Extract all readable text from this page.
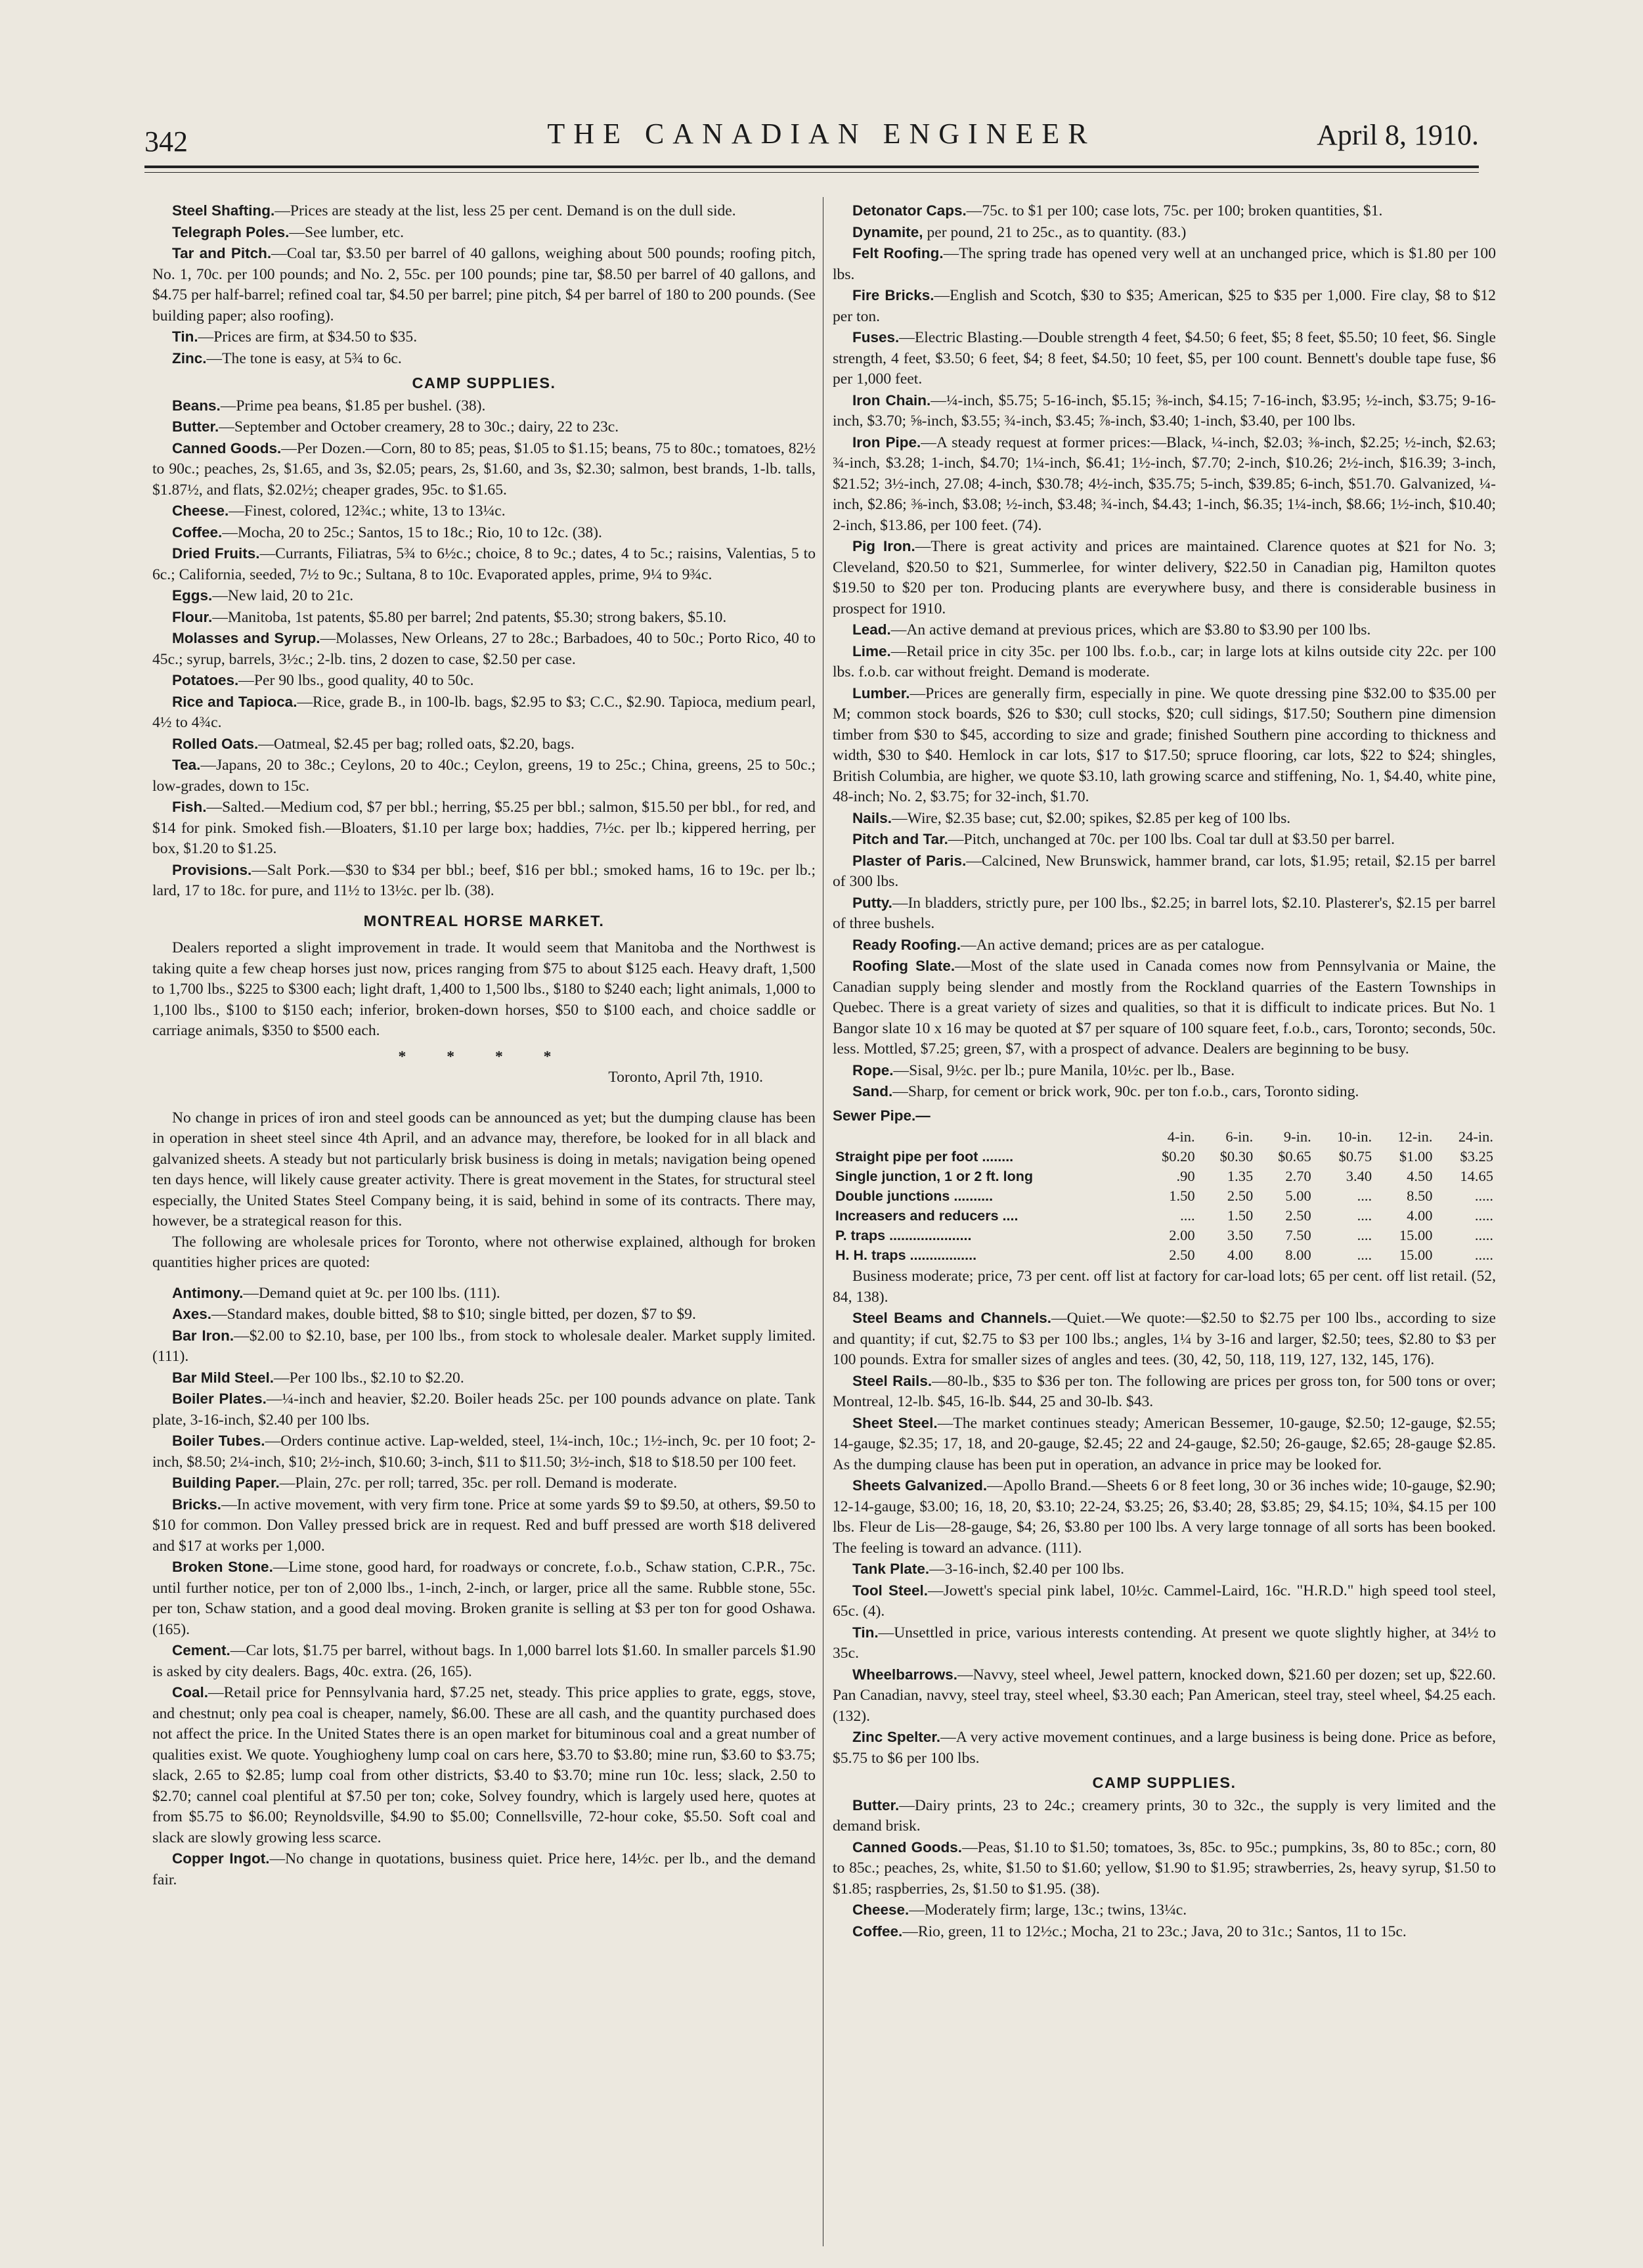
342	THE CANADIAN ENGINEER	April 8, 1910.

Steel Shafting.—Prices are steady at the list, less 25 per cent. Demand is on the dull side.

Telegraph Poles.—See lumber, etc.

Tar and Pitch.—Coal tar, $3.50 per barrel of 40 gallons, weighing about 500 pounds; roofing pitch, No. 1, 70c. per 100 pounds; and No. 2, 55c. per 100 pounds; pine tar, $8.50 per barrel of 40 gallons, and $4.75 per half-barrel; refined coal tar, $4.50 per barrel; pine pitch, $4 per barrel of 180 to 200 pounds. (See building paper; also roofing).

Tin.—Prices are firm, at $34.50 to $35.

Zinc.—The tone is easy, at 5¾ to 6c.

CAMP SUPPLIES.

Beans.—Prime pea beans, $1.85 per bushel. (38).

Butter.—September and October creamery, 28 to 30c.; dairy, 22 to 23c.

Canned Goods.—Per Dozen.—Corn, 80 to 85; peas, $1.05 to $1.15; beans, 75 to 80c.; tomatoes, 82½ to 90c.; peaches, 2s, $1.65, and 3s, $2.05; pears, 2s, $1.60, and 3s, $2.30; salmon, best brands, 1-lb. talls, $1.87½, and flats, $2.02½; cheaper grades, 95c. to $1.65.

Cheese.—Finest, colored, 12¾c.; white, 13 to 13¼c.

Coffee.—Mocha, 20 to 25c.; Santos, 15 to 18c.; Rio, 10 to 12c. (38).

Dried Fruits.—Currants, Filiatras, 5¾ to 6½c.; choice, 8 to 9c.; dates, 4 to 5c.; raisins, Valentias, 5 to 6c.; California, seeded, 7½ to 9c.; Sultana, 8 to 10c. Evaporated apples, prime, 9¼ to 9¾c.

Eggs.—New laid, 20 to 21c.

Flour.—Manitoba, 1st patents, $5.80 per barrel; 2nd patents, $5.30; strong bakers, $5.10.

Molasses and Syrup.—Molasses, New Orleans, 27 to 28c.; Barbadoes, 40 to 50c.; Porto Rico, 40 to 45c.; syrup, barrels, 3½c.; 2-lb. tins, 2 dozen to case, $2.50 per case.

Potatoes.—Per 90 lbs., good quality, 40 to 50c.

Rice and Tapioca.—Rice, grade B., in 100-lb. bags, $2.95 to $3; C.C., $2.90. Tapioca, medium pearl, 4½ to 4¾c.

Rolled Oats.—Oatmeal, $2.45 per bag; rolled oats, $2.20, bags.

Tea.—Japans, 20 to 38c.; Ceylons, 20 to 40c.; Ceylon, greens, 19 to 25c.; China, greens, 25 to 50c.; low-grades, down to 15c.

Fish.—Salted.—Medium cod, $7 per bbl.; herring, $5.25 per bbl.; salmon, $15.50 per bbl., for red, and $14 for pink. Smoked fish.—Bloaters, $1.10 per large box; haddies, 7½c. per lb.; kippered herring, per box, $1.20 to $1.25.

Provisions.—Salt Pork.—$30 to $34 per bbl.; beef, $16 per bbl.; smoked hams, 16 to 19c. per lb.; lard, 17 to 18c. for pure, and 11½ to 13½c. per lb. (38).

MONTREAL HORSE MARKET.

Dealers reported a slight improvement in trade. It would seem that Manitoba and the Northwest is taking quite a few cheap horses just now, prices ranging from $75 to about $125 each. Heavy draft, 1,500 to 1,700 lbs., $225 to $300 each; light draft, 1,400 to 1,500 lbs., $180 to $240 each; light animals, 1,000 to 1,100 lbs., $100 to $150 each; inferior, broken-down horses, $50 to $100 each, and choice saddle or carriage animals, $350 to $500 each.

* * * *
Toronto, April 7th, 1910.

No change in prices of iron and steel goods can be announced as yet; but the dumping clause has been in operation in sheet steel since 4th April, and an advance may, therefore, be looked for in all black and galvanized sheets. A steady but not particularly brisk business is doing in metals; navigation being opened ten days hence, will likely cause greater activity. There is great movement in the States, for structural steel especially, the United States Steel Company being, it is said, behind in some of its contracts. There may, however, be a strategical reason for this.

The following are wholesale prices for Toronto, where not otherwise explained, although for broken quantities higher prices are quoted:

Antimony.—Demand quiet at 9c. per 100 lbs. (111).

Axes.—Standard makes, double bitted, $8 to $10; single bitted, per dozen, $7 to $9.

Bar Iron.—$2.00 to $2.10, base, per 100 lbs., from stock to wholesale dealer. Market supply limited. (111).

Bar Mild Steel.—Per 100 lbs., $2.10 to $2.20.

Boiler Plates.—¼-inch and heavier, $2.20. Boiler heads 25c. per 100 pounds advance on plate. Tank plate, 3-16-inch, $2.40 per 100 lbs.

Boiler Tubes.—Orders continue active. Lap-welded, steel, 1¼-inch, 10c.; 1½-inch, 9c. per 10 foot; 2-inch, $8.50; 2¼-inch, $10; 2½-inch, $10.60; 3-inch, $11 to $11.50; 3½-inch, $18 to $18.50 per 100 feet.

Building Paper.—Plain, 27c. per roll; tarred, 35c. per roll. Demand is moderate.

Bricks.—In active movement, with very firm tone. Price at some yards $9 to $9.50, at others, $9.50 to $10 for common. Don Valley pressed brick are in request. Red and buff pressed are worth $18 delivered and $17 at works per 1,000.

Broken Stone.—Lime stone, good hard, for roadways or concrete, f.o.b., Schaw station, C.P.R., 75c. until further notice, per ton of 2,000 lbs., 1-inch, 2-inch, or larger, price all the same. Rubble stone, 55c. per ton, Schaw station, and a good deal moving. Broken granite is selling at $3 per ton for good Oshawa. (165).

Cement.—Car lots, $1.75 per barrel, without bags. In 1,000 barrel lots $1.60. In smaller parcels $1.90 is asked by city dealers. Bags, 40c. extra. (26, 165).

Coal.—Retail price for Pennsylvania hard, $7.25 net, steady. This price applies to grate, eggs, stove, and chestnut; only pea coal is cheaper, namely, $6.00. These are all cash, and the quantity purchased does not affect the price. In the United States there is an open market for bituminous coal and a great number of qualities exist. We quote. Youghiogheny lump coal on cars here, $3.70 to $3.80; mine run, $3.60 to $3.75; slack, 2.65 to $2.85; lump coal from other districts, $3.40 to $3.70; mine run 10c. less; slack, 2.50 to $2.70; cannel coal plentiful at $7.50 per ton; coke, Solvey foundry, which is largely used here, quotes at from $5.75 to $6.00; Reynoldsville, $4.90 to $5.00; Connellsville, 72-hour coke, $5.50. Soft coal and slack are slowly growing less scarce.

Copper Ingot.—No change in quotations, business quiet. Price here, 14½c. per lb., and the demand fair.

Detonator Caps.—75c. to $1 per 100; case lots, 75c. per 100; broken quantities, $1.

Dynamite, per pound, 21 to 25c., as to quantity. (83.)

Felt Roofing.—The spring trade has opened very well at an unchanged price, which is $1.80 per 100 lbs.

Fire Bricks.—English and Scotch, $30 to $35; American, $25 to $35 per 1,000. Fire clay, $8 to $12 per ton.

Fuses.—Electric Blasting.—Double strength 4 feet, $4.50; 6 feet, $5; 8 feet, $5.50; 10 feet, $6. Single strength, 4 feet, $3.50; 6 feet, $4; 8 feet, $4.50; 10 feet, $5, per 100 count. Bennett's double tape fuse, $6 per 1,000 feet.

Iron Chain.—¼-inch, $5.75; 5-16-inch, $5.15; ⅜-inch, $4.15; 7-16-inch, $3.95; ½-inch, $3.75; 9-16-inch, $3.70; ⅝-inch, $3.55; ¾-inch, $3.45; ⅞-inch, $3.40; 1-inch, $3.40, per 100 lbs.

Iron Pipe.—A steady request at former prices:—Black, ¼-inch, $2.03; ⅜-inch, $2.25; ½-inch, $2.63; ¾-inch, $3.28; 1-inch, $4.70; 1¼-inch, $6.41; 1½-inch, $7.70; 2-inch, $10.26; 2½-inch, $16.39; 3-inch, $21.52; 3½-inch, 27.08; 4-inch, $30.78; 4½-inch, $35.75; 5-inch, $39.85; 6-inch, $51.70. Galvanized, ¼-inch, $2.86; ⅜-inch, $3.08; ½-inch, $3.48; ¾-inch, $4.43; 1-inch, $6.35; 1¼-inch, $8.66; 1½-inch, $10.40; 2-inch, $13.86, per 100 feet. (74).

Pig Iron.—There is great activity and prices are maintained. Clarence quotes at $21 for No. 3; Cleveland, $20.50 to $21, Summerlee, for winter delivery, $22.50 in Canadian pig, Hamilton quotes $19.50 to $20 per ton. Producing plants are everywhere busy, and there is considerable business in prospect for 1910.

Lead.—An active demand at previous prices, which are $3.80 to $3.90 per 100 lbs.

Lime.—Retail price in city 35c. per 100 lbs. f.o.b., car; in large lots at kilns outside city 22c. per 100 lbs. f.o.b. car without freight. Demand is moderate.

Lumber.—Prices are generally firm, especially in pine. We quote dressing pine $32.00 to $35.00 per M; common stock boards, $26 to $30; cull stocks, $20; cull sidings, $17.50; Southern pine dimension timber from $30 to $45, according to size and grade; finished Southern pine according to thickness and width, $30 to $40. Hemlock in car lots, $17 to $17.50; spruce flooring, car lots, $22 to $24; shingles, British Columbia, are higher, we quote $3.10, lath growing scarce and stiffening, No. 1, $4.40, white pine, 48-inch; No. 2, $3.75; for 32-inch, $1.70.

Nails.—Wire, $2.35 base; cut, $2.00; spikes, $2.85 per keg of 100 lbs.

Pitch and Tar.—Pitch, unchanged at 70c. per 100 lbs. Coal tar dull at $3.50 per barrel.

Plaster of Paris.—Calcined, New Brunswick, hammer brand, car lots, $1.95; retail, $2.15 per barrel of 300 lbs.

Putty.—In bladders, strictly pure, per 100 lbs., $2.25; in barrel lots, $2.10. Plasterer's, $2.15 per barrel of three bushels.

Ready Roofing.—An active demand; prices are as per catalogue.

Roofing Slate.—Most of the slate used in Canada comes now from Pennsylvania or Maine, the Canadian supply being slender and mostly from the Rockland quarries of the Eastern Townships in Quebec. There is a great variety of sizes and qualities, so that it is difficult to indicate prices. But No. 1 Bangor slate 10 x 16 may be quoted at $7 per square of 100 square feet, f.o.b., cars, Toronto; seconds, 50c. less. Mottled, $7.25; green, $7, with a prospect of advance. Dealers are beginning to be busy.

Rope.—Sisal, 9½c. per lb.; pure Manila, 10½c. per lb., Base.

Sand.—Sharp, for cement or brick work, 90c. per ton f.o.b., cars, Toronto siding.

Sewer Pipe.—
	4-in.	6-in.	9-in.	10-in.	12-in.	24-in.
Straight pipe per foot ........	$0.20	$0.30	$0.65	$0.75	$1.00	$3.25
Single junction, 1 or 2 ft. long	.90	1.35	2.70	3.40	4.50	14.65
Double junctions ..........	1.50	2.50	5.00	....	8.50	.....
Increasers and reducers ....	....	1.50	2.50	....	4.00	.....
P. traps .....................	2.00	3.50	7.50	....	15.00	.....
H. H. traps .................	2.50	4.00	8.00	....	15.00	.....

Business moderate; price, 73 per cent. off list at factory for car-load lots; 65 per cent. off list retail. (52, 84, 138).

Steel Beams and Channels.—Quiet.—We quote:—$2.50 to $2.75 per 100 lbs., according to size and quantity; if cut, $2.75 to $3 per 100 lbs.; angles, 1¼ by 3-16 and larger, $2.50; tees, $2.80 to $3 per 100 pounds. Extra for smaller sizes of angles and tees. (30, 42, 50, 118, 119, 127, 132, 145, 176).

Steel Rails.—80-lb., $35 to $36 per ton. The following are prices per gross ton, for 500 tons or over; Montreal, 12-lb. $45, 16-lb. $44, 25 and 30-lb. $43.

Sheet Steel.—The market continues steady; American Bessemer, 10-gauge, $2.50; 12-gauge, $2.55; 14-gauge, $2.35; 17, 18, and 20-gauge, $2.45; 22 and 24-gauge, $2.50; 26-gauge, $2.65; 28-gauge $2.85. As the dumping clause has been put in operation, an advance in price may be looked for.

Sheets Galvanized.—Apollo Brand.—Sheets 6 or 8 feet long, 30 or 36 inches wide; 10-gauge, $2.90; 12-14-gauge, $3.00; 16, 18, 20, $3.10; 22-24, $3.25; 26, $3.40; 28, $3.85; 29, $4.15; 10¾, $4.15 per 100 lbs. Fleur de Lis—28-gauge, $4; 26, $3.80 per 100 lbs. A very large tonnage of all sorts has been booked. The feeling is toward an advance. (111).

Tank Plate.—3-16-inch, $2.40 per 100 lbs.

Tool Steel.—Jowett's special pink label, 10½c. Cammel-Laird, 16c. "H.R.D." high speed tool steel, 65c. (4).

Tin.—Unsettled in price, various interests contending. At present we quote slightly higher, at 34½ to 35c.

Wheelbarrows.—Navvy, steel wheel, Jewel pattern, knocked down, $21.60 per dozen; set up, $22.60. Pan Canadian, navvy, steel tray, steel wheel, $3.30 each; Pan American, steel tray, steel wheel, $4.25 each. (132).

Zinc Spelter.—A very active movement continues, and a large business is being done. Price as before, $5.75 to $6 per 100 lbs.

CAMP SUPPLIES.

Butter.—Dairy prints, 23 to 24c.; creamery prints, 30 to 32c., the supply is very limited and the demand brisk.

Canned Goods.—Peas, $1.10 to $1.50; tomatoes, 3s, 85c. to 95c.; pumpkins, 3s, 80 to 85c.; corn, 80 to 85c.; peaches, 2s, white, $1.50 to $1.60; yellow, $1.90 to $1.95; strawberries, 2s, heavy syrup, $1.50 to $1.85; raspberries, 2s, $1.50 to $1.95. (38).

Cheese.—Moderately firm; large, 13c.; twins, 13¼c.

Coffee.—Rio, green, 11 to 12½c.; Mocha, 21 to 23c.; Java, 20 to 31c.; Santos, 11 to 15c.
